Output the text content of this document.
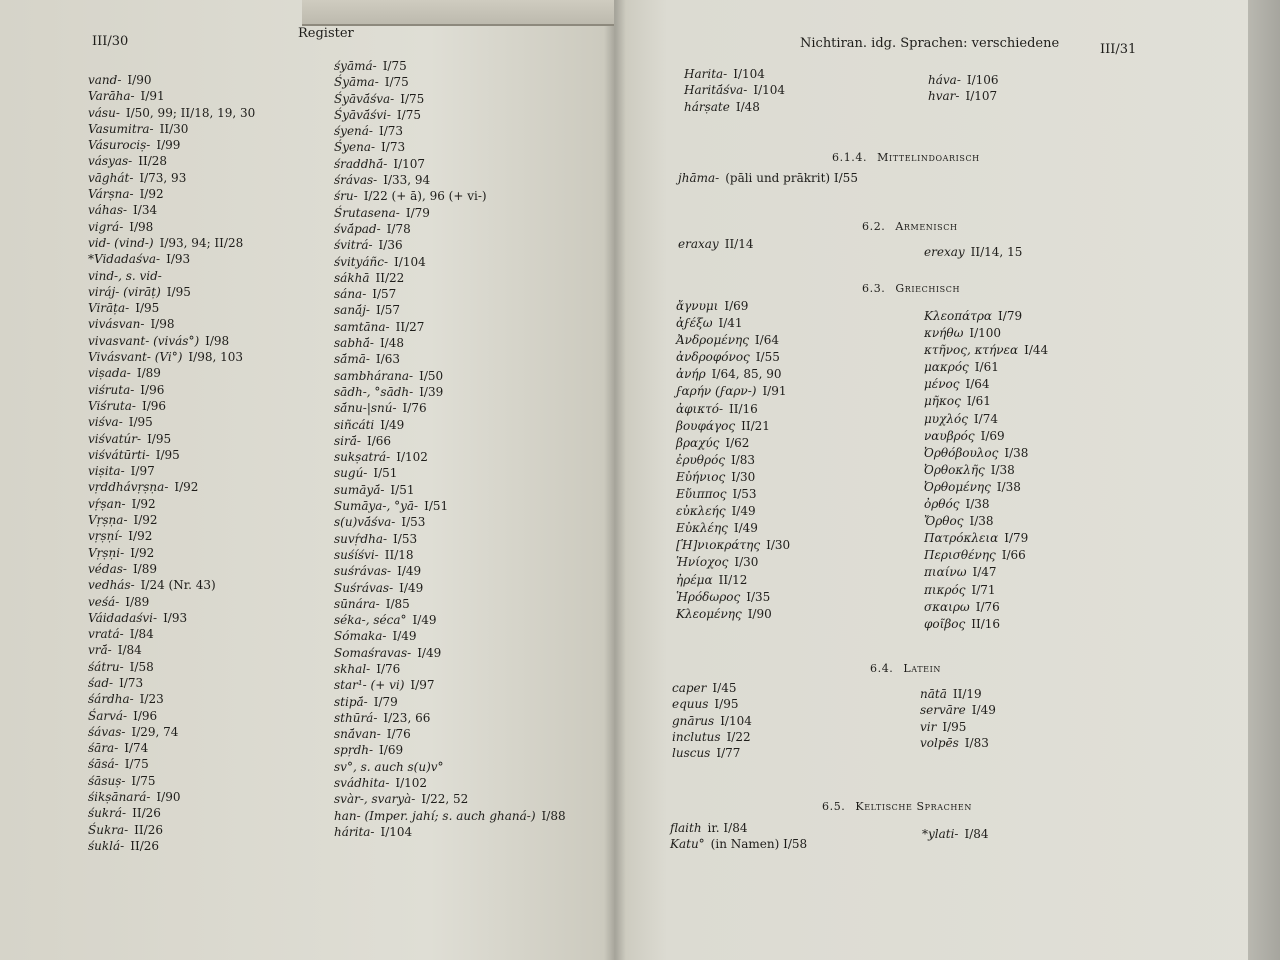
III/30
Register
Nichtiran. idg. Sprachen: verschiedene	III/31
vand-  I/90
Varāha-  I/91
vásu-  I/50, 99; II/18, 19, 30
Vasumitra-  II/30
Vásurociṣ-  I/99
vásyas-  II/28
vāghát-  I/73, 93
Várṣna-  I/92
váhas-  I/34
vigrá-  I/98
vid- (vind-)  I/93, 94; II/28
*Vidadaśva-  I/93
vind-, s. vid- 
viráj- (virāṭ)  I/95
Virāṭa-  I/95
vivásvan-  I/98
vivasvant- (vivás°)  I/98
Vivásvant- (Vi°)  I/98, 103
viṣada-  I/89
viśruta-  I/96
Viśruta-  I/96
viśva-  I/95
viśvatúr-  I/95
viśvátūrti-  I/95
viṣita-  I/97
vṛddhávṛṣṇa-  I/92
vṛ́ṣan-  I/92
Vṛṣṇa-  I/92
vṛṣṇí-  I/92
Vṛṣṇi-  I/92
védas-  I/89
vedhás-  I/24 (Nr. 43)
veśá-  I/89
Váidadaśvi-  I/93
vratá-  I/84
vrā́-  I/84
śátru-  I/58
śad-  I/73
śárdha-  I/23
Śarvá-  I/96
śávas-  I/29, 74
śāra-  I/74
śāsá-  I/75
śāsuṣ-  I/75
śikṣānará-  I/90
śukrá-  II/26
Śukra-  II/26
śuklá-  II/26
śyāmá-  I/75
Śyāma-  I/75
Śyāvā́śva-  I/75
Śyāvā́śvi-  I/75
śyená-  I/73
Śyena-  I/73
śraddhā́-  I/107
śrávas-  I/33, 94
śru-  I/22 (+ ā), 96 (+ vi-)
Śrutasena-  I/79
śvā́pad-  I/78
śvitrá-  I/36
śvityáñc-  I/104
sákhā  II/22
sána-  I/57
sanā́j-  I/57
samtāna-  II/27
sabhā́-  I/48
sā́mā-  I/63
sambhárana-  I/50
sādh-, °sādh-  I/39
sā́nu-|snú-  I/76
siñcáti  I/49
sirā́-  I/66
sukṣatrá-  I/102
sugú-  I/51
sumāyā́-  I/51
Sumāya-, °yā-  I/51
s(u)vā́śva-  I/53
suvṛ́dha-  I/53
suśíśvi-  II/18
suśrávas-  I/49
Suśrávas-  I/49
sūnára-  I/85
séka-, séca°  I/49
Sómaka-  I/49
Somaśravas-  I/49
skhal-  I/76
star¹- (+ vi)  I/97
stipā́-  I/79
sthūrá-  I/23, 66
snā́van-  I/76
spṛdh-  I/69
sv°, s. auch s(u)v° 
svádhita-  I/102
svàr-, svaryà-  I/22, 52
han- (Imper. jahí; s. auch ghaná-)  I/88
hárita-  I/104
Harita-  I/104
Haritā́śva-  I/104
hárṣate  I/48
háva-  I/106
hvar-  I/107
6.1.4. Mittelindoarisch
jhāma-  (pāli und prākrit) I/55
6.2. Armenisch
eraxay  II/14
erexay  II/14, 15
6.3. Griechisch
ἄγνυμι  I/69
ἀϝέξω  I/41
Ἀνδρομένης  I/64
ἀνδροφόνος  I/55
ἀνήρ  I/64, 85, 90
ϝαρήν (ϝαρν-)  I/91
ἀφικτό-  II/16
βουφάγος  II/21
βραχύς  I/62
ἐρυθρός  I/83
Εὐήνιος  I/30
Εὔιππος  I/53
εὐκλεής  I/49
Εὐκλέης  I/49
[Ἡ]νιοκράτης  I/30
Ἡνίοχος  I/30
ἠρέμα  II/12
Ἡρόδωρος  I/35
Κλεομένης  I/90
Κλεοπάτρα  I/79
κνήθω  I/100
κτῆνος, κτήνεα  I/44
μακρός  I/61
μένος  I/64
μῆκος  I/61
μυχλός  I/74
ναυβρός  I/69
Ὀρθόβουλος  I/38
Ὀρθοκλῆς  I/38
Ὀρθομένης  I/38
ὀρθός  I/38
Ὄρθος  I/38
Πατρόκλεια  I/79
Περισθένης  I/66
πιαίνω  I/47
πικρός  I/71
σκαιρω  I/76
φοῖβος  II/16
6.4. Latein
caper  I/45
equus  I/95
gnārus  I/104
inclutus  I/22
luscus  I/77
nātā  II/19
servāre  I/49
vir  I/95
volpēs  I/83
6.5. Keltische Sprachen
flaith  ir. I/84
Katu°  (in Namen) I/58
*ylati-  I/84
